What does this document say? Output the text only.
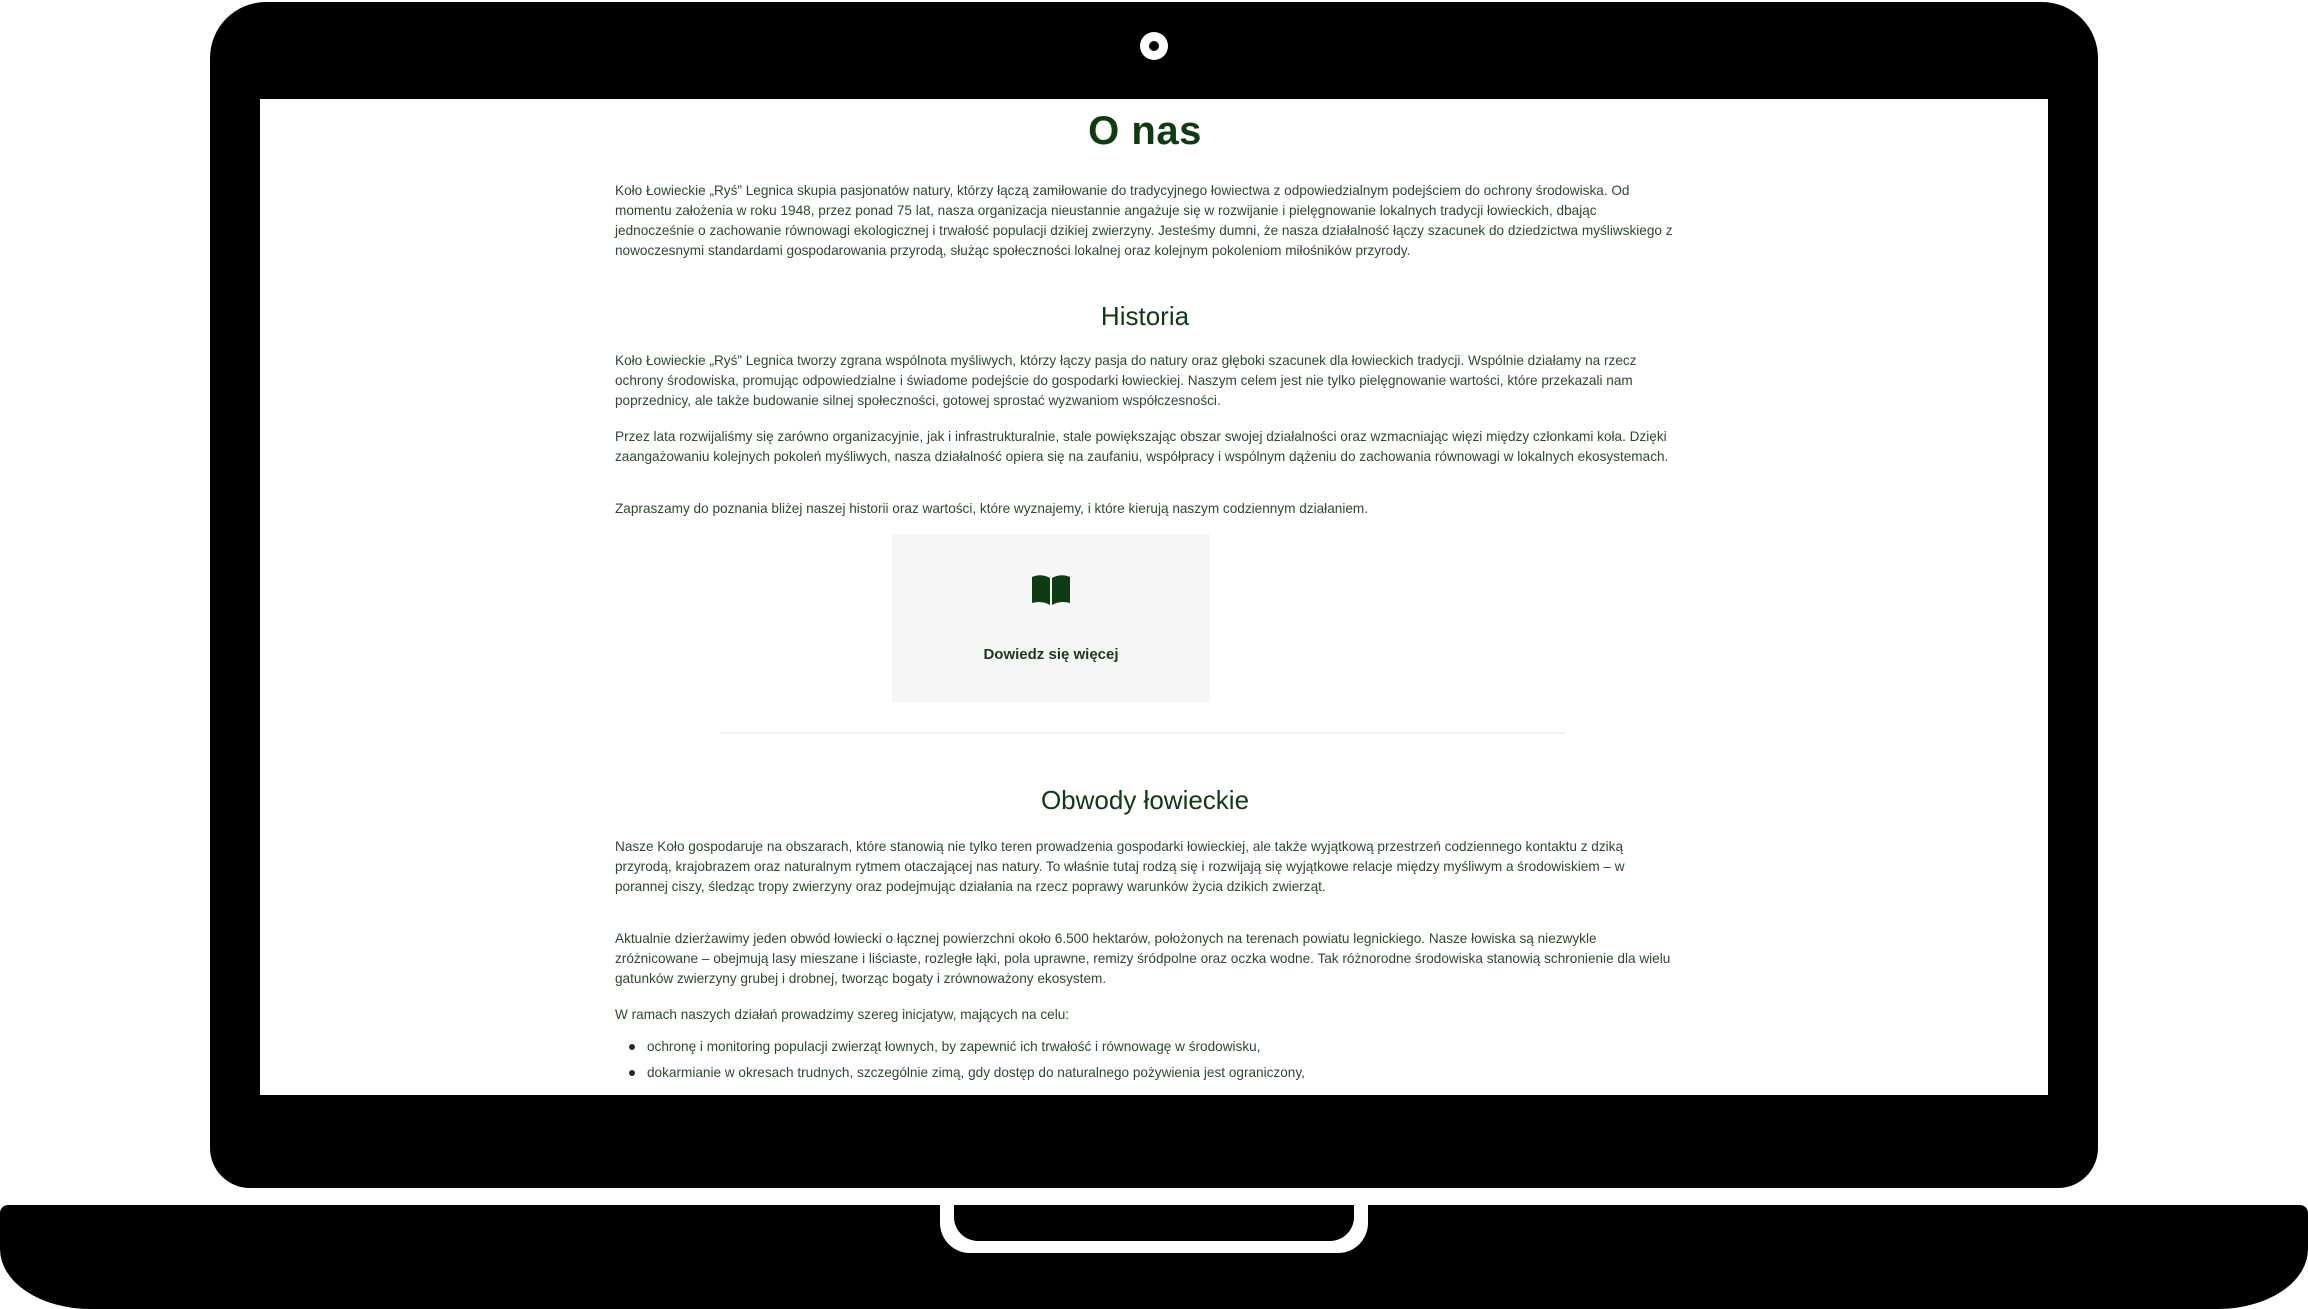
O nas

Koło Łowieckie „Ryś” Legnica skupia pasjonatów natury, którzy łączą zamiłowanie do tradycyjnego łowiectwa z odpowiedzialnym podejściem do ochrony środowiska. Od momentu założenia w roku 1948, przez ponad 75 lat, nasza organizacja nieustannie angażuje się w rozwijanie i pielęgnowanie lokalnych tradycji łowieckich, dbając jednocześnie o zachowanie równowagi ekologicznej i trwałość populacji dzikiej zwierzyny. Jesteśmy dumni, że nasza działalność łączy szacunek do dziedzictwa myśliwskiego z nowoczesnymi standardami gospodarowania przyrodą, służąc społeczności lokalnej oraz kolejnym pokoleniom miłośników przyrody.

Historia

Koło Łowieckie „Ryś” Legnica tworzy zgrana wspólnota myśliwych, którzy łączy pasja do natury oraz głęboki szacunek dla łowieckich tradycji. Wspólnie działamy na rzecz ochrony środowiska, promując odpowiedzialne i świadome podejście do gospodarki łowieckiej. Naszym celem jest nie tylko pielęgnowanie wartości, które przekazali nam poprzednicy, ale także budowanie silnej społeczności, gotowej sprostać wyzwaniom współczesności.

Przez lata rozwijaliśmy się zarówno organizacyjnie, jak i infrastrukturalnie, stale powiększając obszar swojej działalności oraz wzmacniając więzi między członkami koła. Dzięki zaangażowaniu kolejnych pokoleń myśliwych, nasza działalność opiera się na zaufaniu, współpracy i wspólnym dążeniu do zachowania równowagi w lokalnych ekosystemach.

Zapraszamy do poznania bliżej naszej historii oraz wartości, które wyznajemy, i które kierują naszym codziennym działaniem.

Dowiedz się więcej
Obwody łowieckie

Nasze Koło gospodaruje na obszarach, które stanowią nie tylko teren prowadzenia gospodarki łowieckiej, ale także wyjątkową przestrzeń codziennego kontaktu z dziką przyrodą, krajobrazem oraz naturalnym rytmem otaczającej nas natury. To właśnie tutaj rodzą się i rozwijają się wyjątkowe relacje między myśliwym a środowiskiem – w porannej ciszy, śledząc tropy zwierzyny oraz podejmując działania na rzecz poprawy warunków życia dzikich zwierząt.

Aktualnie dzierżawimy jeden obwód łowiecki o łącznej powierzchni około 6.500 hektarów, położonych na terenach powiatu legnickiego. Nasze łowiska są niezwykle zróżnicowane – obejmują lasy mieszane i liściaste, rozległe łąki, pola uprawne, remizy śródpolne oraz oczka wodne. Tak różnorodne środowiska stanowią schronienie dla wielu gatunków zwierzyny grubej i drobnej, tworząc bogaty i zrównoważony ekosystem.

W ramach naszych działań prowadzimy szereg inicjatyw, mających na celu:

ochronę i monitoring populacji zwierząt łownych, by zapewnić ich trwałość i równowagę w środowisku,
dokarmianie w okresach trudnych, szczególnie zimą, gdy dostęp do naturalnego pożywienia jest ograniczony,
